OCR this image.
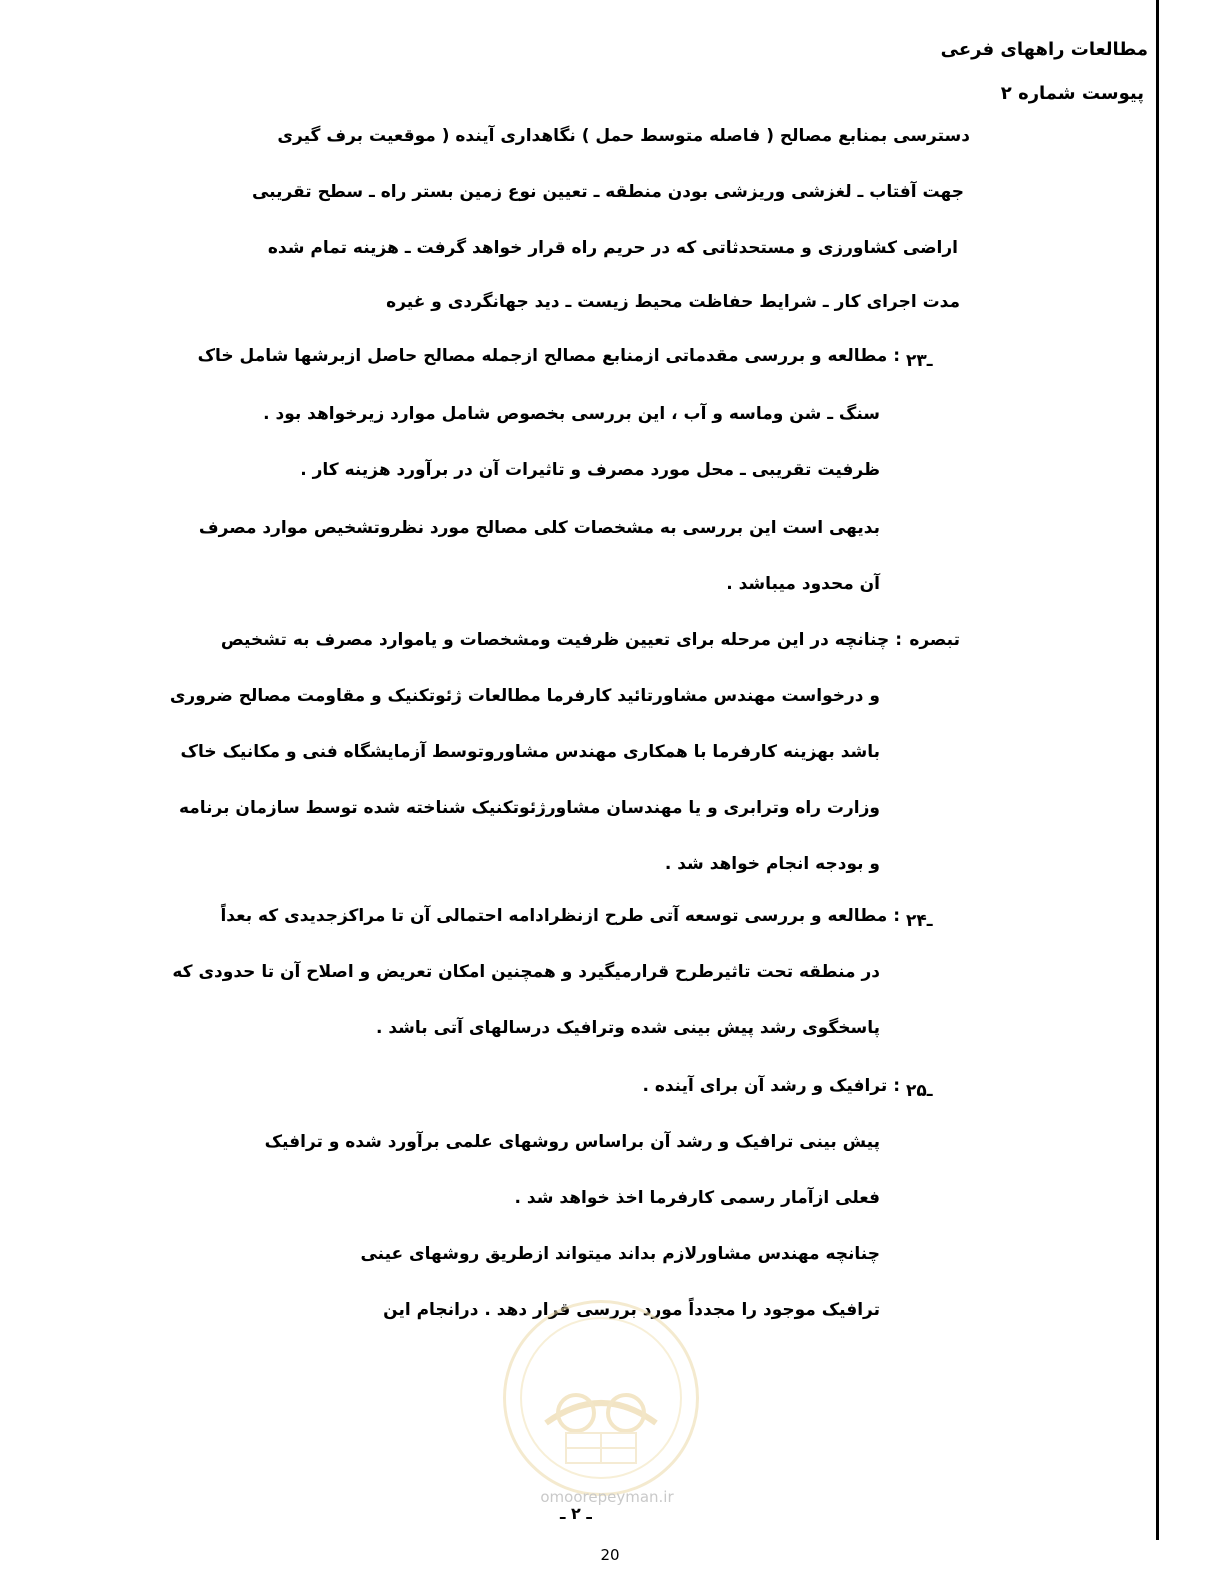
مطالعات راههای فرعی
پیوست شماره ۲
دسترسی بمنابع مصالح ( فاصله متوسط حمل ) نگاهداری آینده ( موقعیت برف گیری
جهت آفتاب ـ لغزشی وریزشی بودن منطقه ـ تعیین نوع زمین بستر راه ـ سطح تقریبی
اراضی کشاورزی و مستحدثاتی که در حریم راه قرار خواهد گرفت ـ هزینه تمام شده
مدت اجرای کار ـ شرایط حفاظت محیط زیست ـ دید جهانگردی و غیره
۲ـ۳
: مطالعه و بررسی مقدماتی ازمنابع مصالح ازجمله مصالح حاصل ازبرشها شامل خاک
سنگ ـ شن وماسه و آب ، این بررسی بخصوص شامل موارد زیرخواهد بود .
ظرفیت تقریبی ـ محل مورد مصرف و تاثیرات آن در برآورد هزینه کار .
بدیهی است این بررسی به مشخصات کلی مصالح مورد نظروتشخیص موارد مصرف
آن محدود میباشد .
تبصره
: چنانچه در این مرحله برای تعیین ظرفیت ومشخصات و یاموارد مصرف به تشخیص
و درخواست مهندس مشاورتائید کارفرما مطالعات ژئوتکنیک و مقاومت مصالح ضروری
باشد بهزینه کارفرما با همکاری مهندس مشاوروتوسط آزمایشگاه فنی و مکانیک خاک
وزارت راه وترابری و یا مهندسان مشاورژئوتکنیک شناخته شده توسط سازمان برنامه
و بودجه انجام خواهد شد .
۲ـ۴
: مطالعه و بررسی توسعه آتی طرح ازنظرادامه احتمالی آن تا مراکزجدیدی که بعداً
در منطقه تحت تاثیرطرح قرارمیگیرد و همچنین امکان تعریض و اصلاح آن تا حدودی که
پاسخگوی رشد پیش بینی شده وترافیک درسالهای آتی باشد .
۲ـ۵
: ترافیک و رشد آن برای آینده .
پیش بینی ترافیک و رشد آن براساس روشهای علمی برآورد شده و ترافیک
فعلی ازآمار رسمی کارفرما اخذ خواهد شد .
چنانچه مهندس مشاورلازم بداند میتواند ازطریق روشهای عینی
ترافیک موجود را مجدداً مورد بررسی قرار دهد . درانجام این
omoorepeyman.ir
ـ ۲ ـ
20
